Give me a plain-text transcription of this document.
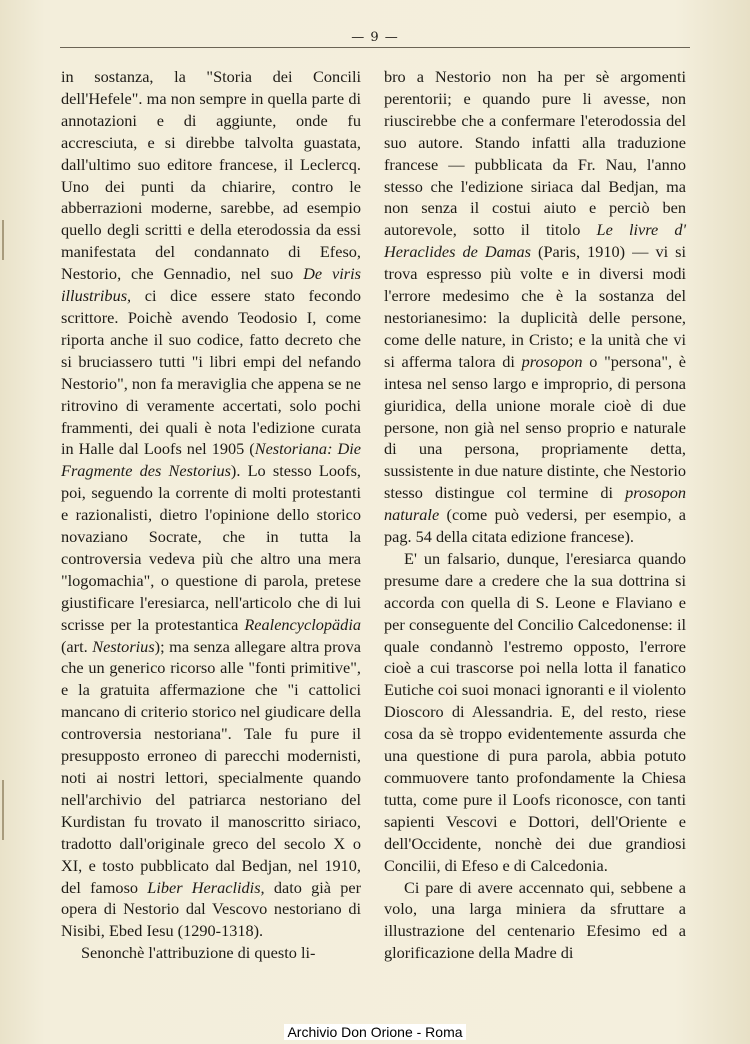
— 9 —

in sostanza, la "Storia dei Concili dell'Hefele". ma non sempre in quella parte di annotazioni e di aggiunte, onde fu accresciuta, e si direbbe talvolta guastata, dall'ultimo suo editore francese, il Leclercq. Uno dei punti da chiarire, contro le abberrazioni moderne, sarebbe, ad esempio quello degli scritti e della eterodossia da essi manifestata del condannato di Efeso, Nestorio, che Gennadio, nel suo De viris illustribus, ci dice essere stato fecondo scrittore. Poichè avendo Teodosio I, come riporta anche il suo codice, fatto decreto che si bruciassero tutti "i libri empi del nefando Nestorio", non fa meraviglia che appena se ne ritrovino di veramente accertati, solo pochi frammenti, dei quali è nota l'edizione curata in Halle dal Loofs nel 1905 (Nestoriana: Die Fragmente des Nestorius). Lo stesso Loofs, poi, seguendo la corrente di molti protestanti e razionalisti, dietro l'opinione dello storico novaziano Socrate, che in tutta la controversia vedeva più che altro una mera "logomachia", o questione di parola, pretese giustificare l'eresiarca, nell'articolo che di lui scrisse per la protestantica Realencyclopädia (art. Nestorius); ma senza allegare altra prova che un generico ricorso alle "fonti primitive", e la gratuita affermazione che "i cattolici mancano di criterio storico nel giudicare della controversia nestoriana". Tale fu pure il presupposto erroneo di parecchi modernisti, noti ai nostri lettori, specialmente quando nell'archivio del patriarca nestoriano del Kurdistan fu trovato il manoscritto siriaco, tradotto dall'originale greco del secolo X o XI, e tosto pubblicato dal Bedjan, nel 1910, del famoso Liber Heraclidis, dato già per opera di Nestorio dal Vescovo nestoriano di Nisibi, Ebed Iesu (1290-1318).

Senonchè l'attribuzione di questo li-

bro a Nestorio non ha per sè argomenti perentorii; e quando pure li avesse, non riuscirebbe che a confermare l'eterodossia del suo autore. Stando infatti alla traduzione francese — pubblicata da Fr. Nau, l'anno stesso che l'edizione siriaca dal Bedjan, ma non senza il costui aiuto e perciò ben autorevole, sotto il titolo Le livre d' Heraclides de Damas (Paris, 1910) — vi si trova espresso più volte e in diversi modi l'errore medesimo che è la sostanza del nestorianesimo: la duplicità delle persone, come delle nature, in Cristo; e la unità che vi si afferma talora di prosopon o "persona", è intesa nel senso largo e improprio, di persona giuridica, della unione morale cioè di due persone, non già nel senso proprio e naturale di una persona, propriamente detta, sussistente in due nature distinte, che Nestorio stesso distingue col termine di prosopon naturale (come può vedersi, per esempio, a pag. 54 della citata edizione francese).

E' un falsario, dunque, l'eresiarca quando presume dare a credere che la sua dottrina si accorda con quella di S. Leone e Flaviano e per conseguente del Concilio Calcedonense: il quale condannò l'estremo opposto, l'errore cioè a cui trascorse poi nella lotta il fanatico Eutiche coi suoi monaci ignoranti e il violento Dioscoro di Alessandria. E, del resto, riese cosa da sè troppo evidentemente assurda che una questione di pura parola, abbia potuto commuovere tanto profondamente la Chiesa tutta, come pure il Loofs riconosce, con tanti sapienti Vescovi e Dottori, dell'Oriente e dell'Occidente, nonchè dei due grandiosi Concilii, di Efeso e di Calcedonia.

Ci pare di avere accennato qui, sebbene a volo, una larga miniera da sfruttare a illustrazione del centenario Efesimo ed a glorificazione della Madre di

Archivio Don Orione - Roma
